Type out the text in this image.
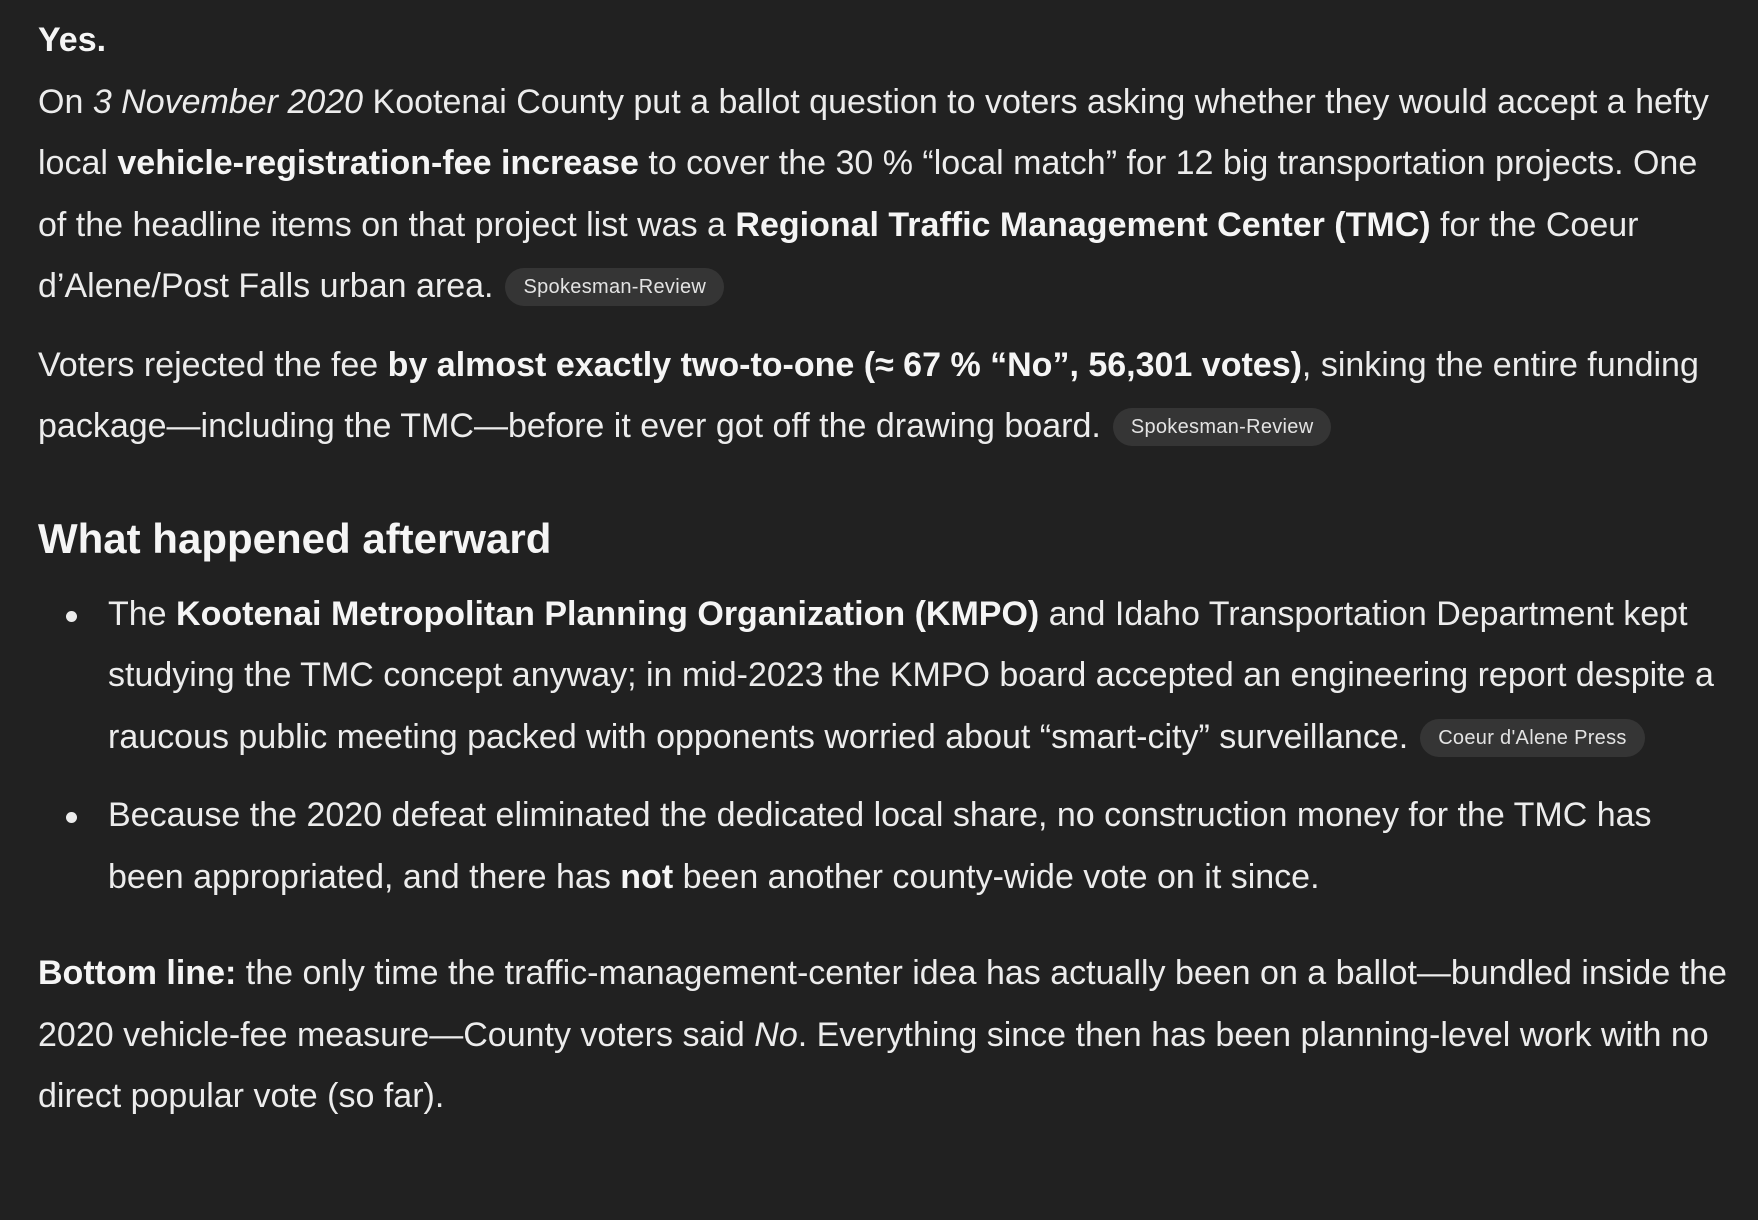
Yes.

On 3 November 2020 Kootenai County put a ballot question to voters asking whether they would accept a hefty local vehicle-registration-fee increase to cover the 30 % “local match” for 12 big transportation projects. One of the headline items on that project list was a Regional Traffic Management Center (TMC) for the Coeur d’Alene/Post Falls urban area. Spokesman-Review

Voters rejected the fee by almost exactly two-to-one (≈ 67 % “No”, 56,301 votes), sinking the entire funding package—including the TMC—before it ever got off the drawing board. Spokesman-Review

What happened afterward
The Kootenai Metropolitan Planning Organization (KMPO) and Idaho Transportation Department kept studying the TMC concept anyway; in mid-2023 the KMPO board accepted an engineering report despite a raucous public meeting packed with opponents worried about “smart-city” surveillance. Coeur d'Alene Press
Because the 2020 defeat eliminated the dedicated local share, no construction money for the TMC has been appropriated, and there has not been another county-wide vote on it since.

Bottom line: the only time the traffic-management-center idea has actually been on a ballot—bundled inside the 2020 vehicle-fee measure—County voters said No. Everything since then has been planning-level work with no direct popular vote (so far).
